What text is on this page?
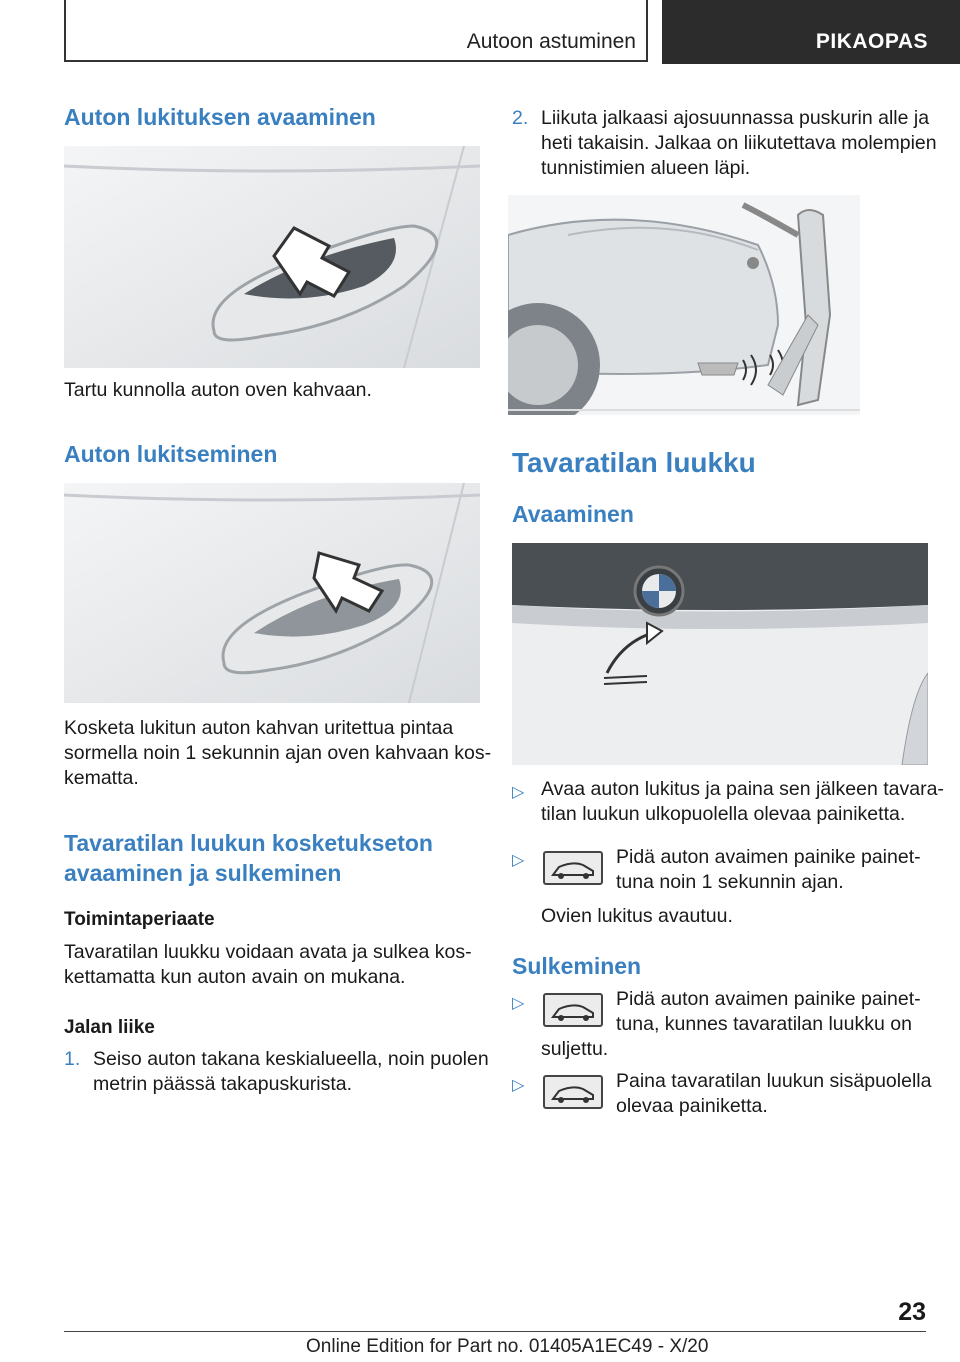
Autoon astuminen	PIKAOPAS
Auton lukituksen avaaminen

Tartu kunnolla auton oven kahvaan.

Auton lukitseminen

Kosketa lukitun auton kahvan uritettua pintaa
sormella noin 1 sekunnin ajan oven kahvaan kos-
kematta.

Tavaratilan luukun kosketukseton
avaaminen ja sulkeminen
Toimintaperiaate

Tavaratilan luukku voidaan avata ja sulkea kos-
kettamatta kun auton avain on mukana.

Jalan liike
1. Seiso auton takana keskialueella, noin puolen
metrin päässä takapuskurista.

2. Liikuta jalkaasi ajosuunnassa puskurin alle ja
heti takaisin. Jalkaa on liikutettava molempien
tunnistimien alueen läpi.

Tavaratilan luukku
Avaaminen
▷ Avaa auton lukitus ja paina sen jälkeen tavara-
tilan luukun ulkopuolella olevaa painiketta.

▷	Pidä auton avaimen painike painet-
tuna noin 1 sekunnin ajan.

Ovien lukitus avautuu.

Sulkeminen
▷	Pidä auton avaimen painike painet-
tuna, kunnes tavaratilan luukku on

suljettu.

▷	Paina tavaratilan luukun sisäpuolella
olevaa painiketta.

23
Online Edition for Part no. 01405A1EC49 - X/20
